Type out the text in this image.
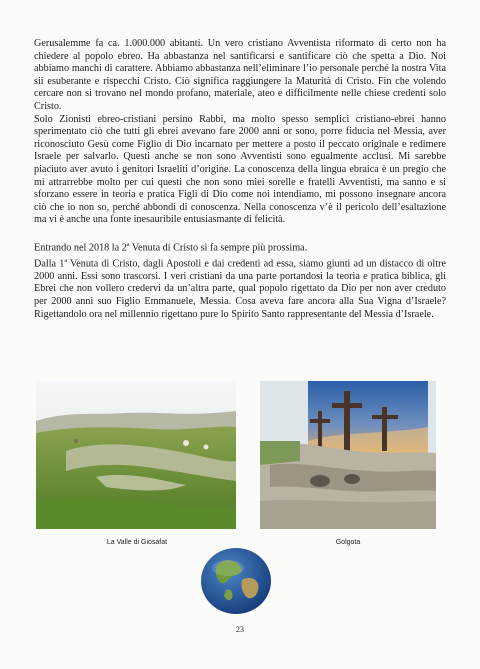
Gerusalemme fa ca. 1.000.000 abitanti. Un vero cristiano Avventista riformato di certo non ha chiedere al popolo ebreo. Ha abbastanza nel santificarsi e santificare ciò che spetta a Dio. Noi abbiamo manchi di carattere. Abbiamo abbastanza nell’eliminare l’io personale perché la nostra Vita sii esuberante e rispecchi Cristo. Ciò significa raggiungere la Maturità di Cristo. Fin che volendo cercare non si trovano nel mondo profano, materiale, ateo e difficilmente nelle chiese credenti solo Cristo.

Solo Zionisti ebreo-cristiani persino Rabbi, ma molto spesso semplici cristiano-ebrei hanno sperimentato ciò che tutti gli ebrei avevano fare 2000 anni or sono, porre fiducia nel Messia, aver riconosciuto Gesù come Figlio di Dio incarnato per mettere a posto il peccato originale e redimere Israele per salvarlo. Questi anche se non sono Avventisti sono egualmente acclusi. Mi sarebbe piaciuto aver avuto i genitori Israeliti d’origine. La conoscenza della lingua ebraica è un pregio che mi attrarrebbe molto per cui questi che non sono miei sorelle e fratelli Avventisti, ma sanno e si sforzano essere in teoria e pratica Figli di Dio come noi intendiamo, mi possono insegnare ancora ciò che io non so, perché abbondi di conoscenza. Nella conoscenza v’è il pericolo dell’esaltazione ma vi è anche una fonte inesauribile entusiasmante di felicità.

Entrando nel 2018 la 2$^a$ Venuta di Cristo si fa sempre più prossima.

Dalla 1$^a$ Venuta di Cristo, dagli Apostoli e dai credenti ad essa, siamo giunti ad un distacco di oltre 2000 anni. Essi sono trascorsi. I veri cristiani da una parte portandosi la teoria e pratica biblica, gli Ebrei che non vollero credervi da un’altra parte, qual popolo rigettato da Dio per non aver creduto per 2000 anni suo Figlio Emmanuele, Messia. Cosa aveva fare ancora alla Sua Vigna d’Israele? Rigettandolo ora nel millennio rigettano pure lo Spirito Santo rappresentante del Messia d’Israele.

La Valle di Giosafat	Golgota
23
